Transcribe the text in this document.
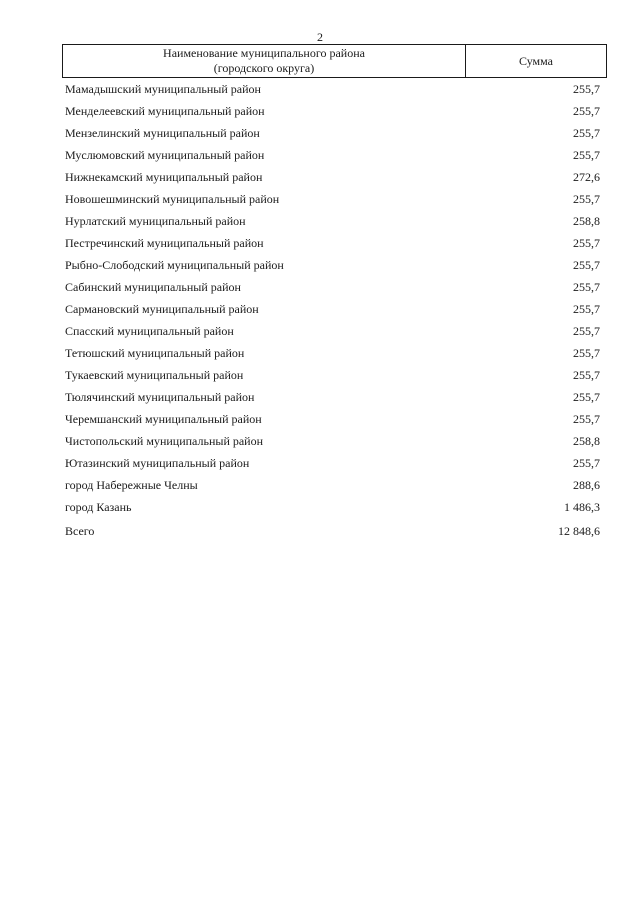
2
Наименование муниципального района
(городского округа)
Сумма
Мамадышский муниципальный район	255,7
Менделеевский муниципальный район	255,7
Мензелинский муниципальный район	255,7
Муслюмовский муниципальный район	255,7
Нижнекамский муниципальный район	272,6
Новошешминский муниципальный район	255,7
Нурлатский муниципальный район	258,8
Пестречинский муниципальный район	255,7
Рыбно-Слободский муниципальный район	255,7
Сабинский муниципальный район	255,7
Сармановский муниципальный район	255,7
Спасский муниципальный район	255,7
Тетюшский муниципальный район	255,7
Тукаевский муниципальный район	255,7
Тюлячинский муниципальный район	255,7
Черемшанский муниципальный район	255,7
Чистопольский муниципальный район	258,8
Ютазинский муниципальный район	255,7
город Набережные Челны	288,6
город Казань	1 486,3
Всего	12 848,6
